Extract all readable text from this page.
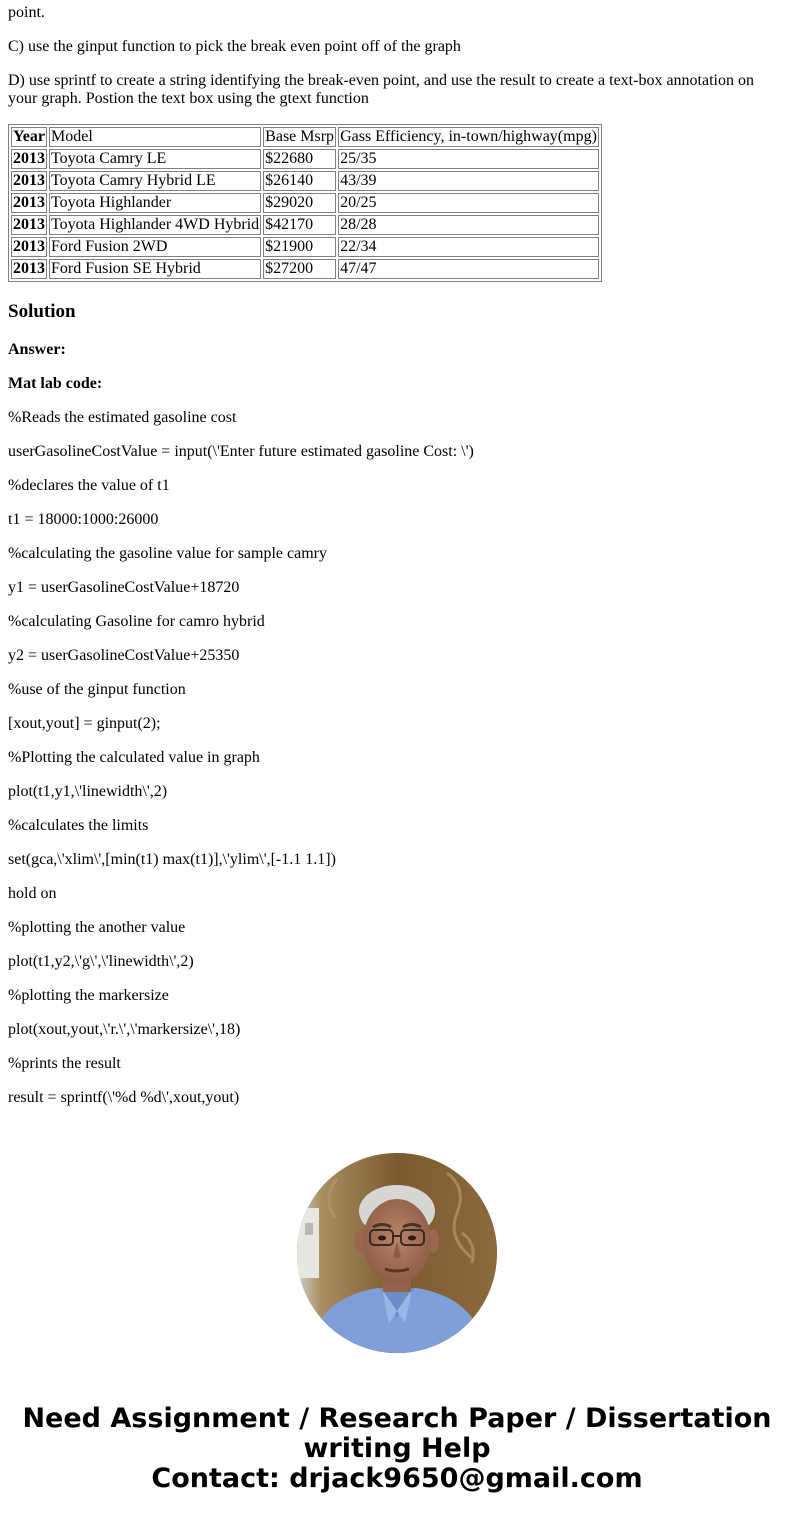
point.

C) use the ginput function to pick the break even point off of the graph

D) use sprintf to create a string identifying the break-even point, and use the result to create a text-box annotation on your graph. Postion the text box using the gtext function

Year	Model	Base Msrp	Gass Efficiency, in-town/highway(mpg)
2013	Toyota Camry LE	$22680	25/35
2013	Toyota Camry Hybrid LE	$26140	43/39
2013	Toyota Highlander	$29020	20/25
2013	Toyota Highlander 4WD Hybrid	$42170	28/28
2013	Ford Fusion 2WD	$21900	22/34
2013	Ford Fusion SE Hybrid	$27200	47/47
Solution

Answer:

Mat lab code:

%Reads the estimated gasoline cost

userGasolineCostValue = input(\'Enter future estimated gasoline Cost: \')

%declares the value of t1

t1 = 18000:1000:26000

%calculating the gasoline value for sample camry

y1 = userGasolineCostValue+18720

%calculating Gasoline for camro hybrid

y2 = userGasolineCostValue+25350

%use of the ginput function

[xout,yout] = ginput(2);

%Plotting the calculated value in graph

plot(t1,y1,\'linewidth\',2)

%calculates the limits

set(gca,\'xlim\',[min(t1) max(t1)],\'ylim\',[-1.1 1.1])

hold on

%plotting the another value

plot(t1,y2,\'g\',\'linewidth\',2)

%plotting the markersize

plot(xout,yout,\'r.\',\'markersize\',18)

%prints the result

result = sprintf(\'%d %d\',xout,yout)

Need Assignment / Research Paper / Dissertation
writing Help
Contact: drjack9650@gmail.com
